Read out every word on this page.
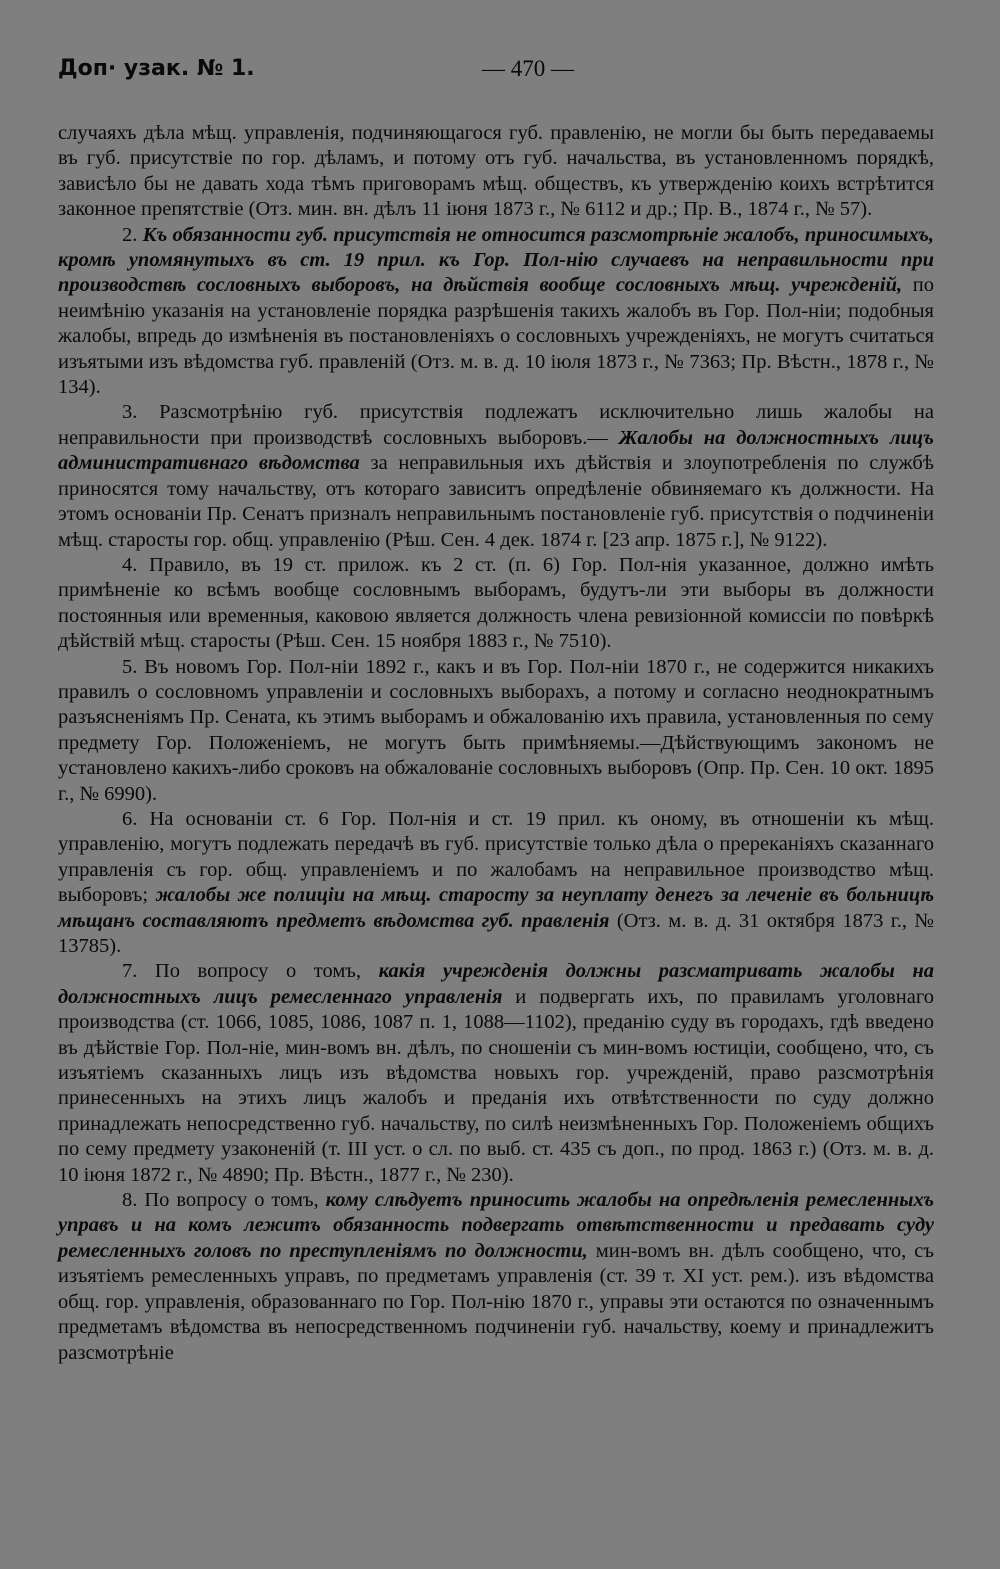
Доп· узак. № 1.	— 470 —

случаяхъ дѣла мѣщ. управленія, подчиняющагося губ. правленію, не могли бы быть передаваемы въ губ. присутствіе по гор. дѣламъ, и потому отъ губ. начальства, въ установленномъ порядкѣ, зависѣло бы не давать хода тѣмъ приговорамъ мѣщ. обществъ, къ утвержденію коихъ встрѣтится законное препятствіе (Отз. мин. вн. дѣлъ 11 іюня 1873 г., № 6112 и др.; Пр. В., 1874 г., № 57).

2. Къ обязанности губ. присутствія не относится разсмотрѣніе жалобъ, приносимыхъ, кромѣ упомянутыхъ въ ст. 19 прил. къ Гор. Пол-нію случаевъ на неправильности при производствѣ сословныхъ выборовъ, на дѣйствія вообще сословныхъ мѣщ. учрежденій, по неимѣнію указанія на установленіе порядка разрѣшенія такихъ жалобъ въ Гор. Пол-ніи; подобныя жалобы, впредь до измѣненія въ постановленіяхъ о сословныхъ учрежденіяхъ, не могутъ считаться изъятыми изъ вѣдомства губ. правленій (Отз. м. в. д. 10 іюля 1873 г., № 7363; Пр. Вѣстн., 1878 г., № 134).

3. Разсмотрѣнію губ. присутствія подлежатъ исключительно лишь жалобы на неправильности при производствѣ сословныхъ выборовъ.— Жалобы на должностныхъ лицъ административнаго вѣдомства за неправильныя ихъ дѣйствія и злоупотребленія по службѣ приносятся тому начальству, отъ котораго зависитъ опредѣленіе обвиняемаго къ должности. На этомъ основаніи Пр. Сенатъ призналъ неправильнымъ постановленіе губ. присутствія о подчиненіи мѣщ. старосты гор. общ. управленію (Рѣш. Сен. 4 дек. 1874 г. [23 апр. 1875 г.], № 9122).

4. Правило, въ 19 ст. прилож. къ 2 ст. (п. 6) Гор. Пол-нія указанное, должно имѣть примѣненіе ко всѣмъ вообще сословнымъ выборамъ, будутъ-ли эти выборы въ должности постоянныя или временныя, каковою является должность члена ревизіонной комиссіи по повѣркѣ дѣйствій мѣщ. старосты (Рѣш. Сен. 15 ноября 1883 г., № 7510).

5. Въ новомъ Гор. Пол-ніи 1892 г., какъ и въ Гор. Пол-ніи 1870 г., не содержится никакихъ правилъ о сословномъ управленіи и сословныхъ выборахъ, а потому и согласно неоднократнымъ разъясненіямъ Пр. Сената, къ этимъ выборамъ и обжалованію ихъ правила, установленныя по сему предмету Гор. Положеніемъ, не могутъ быть примѣняемы.—Дѣйствующимъ закономъ не установлено какихъ-либо сроковъ на обжалованіе сословныхъ выборовъ (Опр. Пр. Сен. 10 окт. 1895 г., № 6990).

6. На основаніи ст. 6 Гор. Пол-нія и ст. 19 прил. къ оному, въ отношеніи къ мѣщ. управленію, могутъ подлежать передачѣ въ губ. присутствіе только дѣла о пререканіяхъ сказаннаго управленія съ гор. общ. управленіемъ и по жалобамъ на неправильное производство мѣщ. выборовъ; жалобы же полиціи на мѣщ. старосту за неуплату денегъ за леченіе въ больницѣ мѣщанъ составляютъ предметъ вѣдомства губ. правленія (Отз. м. в. д. 31 октября 1873 г., № 13785).

7. По вопросу о томъ, какія учрежденія должны разсматривать жалобы на должностныхъ лицъ ремесленнаго управленія и подвергать ихъ, по правиламъ уголовнаго производства (ст. 1066, 1085, 1086, 1087 п. 1, 1088—1102), преданію суду въ городахъ, гдѣ введено въ дѣйствіе Гор. Пол-ніе, мин-вомъ вн. дѣлъ, по сношеніи съ мин-вомъ юстиціи, сообщено, что, съ изъятіемъ сказанныхъ лицъ изъ вѣдомства новыхъ гор. учрежденій, право разсмотрѣнія принесенныхъ на этихъ лицъ жалобъ и преданія ихъ отвѣтственности по суду должно принадлежать непосредственно губ. начальству, по силѣ неизмѣненныхъ Гор. Положеніемъ общихъ по сему предмету узаконеній (т. III уст. о сл. по выб. ст. 435 съ доп., по прод. 1863 г.) (Отз. м. в. д. 10 іюня 1872 г., № 4890; Пр. Вѣстн., 1877 г., № 230).

8. По вопросу о томъ, кому слѣдуетъ приносить жалобы на опредѣленія ремесленныхъ управъ и на комъ лежитъ обязанность подвергать отвѣтственности и предавать суду ремесленныхъ головъ по преступленіямъ по должности, мин-вомъ вн. дѣлъ сообщено, что, съ изъятіемъ ремесленныхъ управъ, по предметамъ управленія (ст. 39 т. XI уст. рем.). изъ вѣдомства общ. гор. управленія, образованнаго по Гор. Пол-нію 1870 г., управы эти остаются по означеннымъ предметамъ вѣдомства въ непосредственномъ подчиненіи губ. начальству, коему и принадлежитъ разсмотрѣніе
